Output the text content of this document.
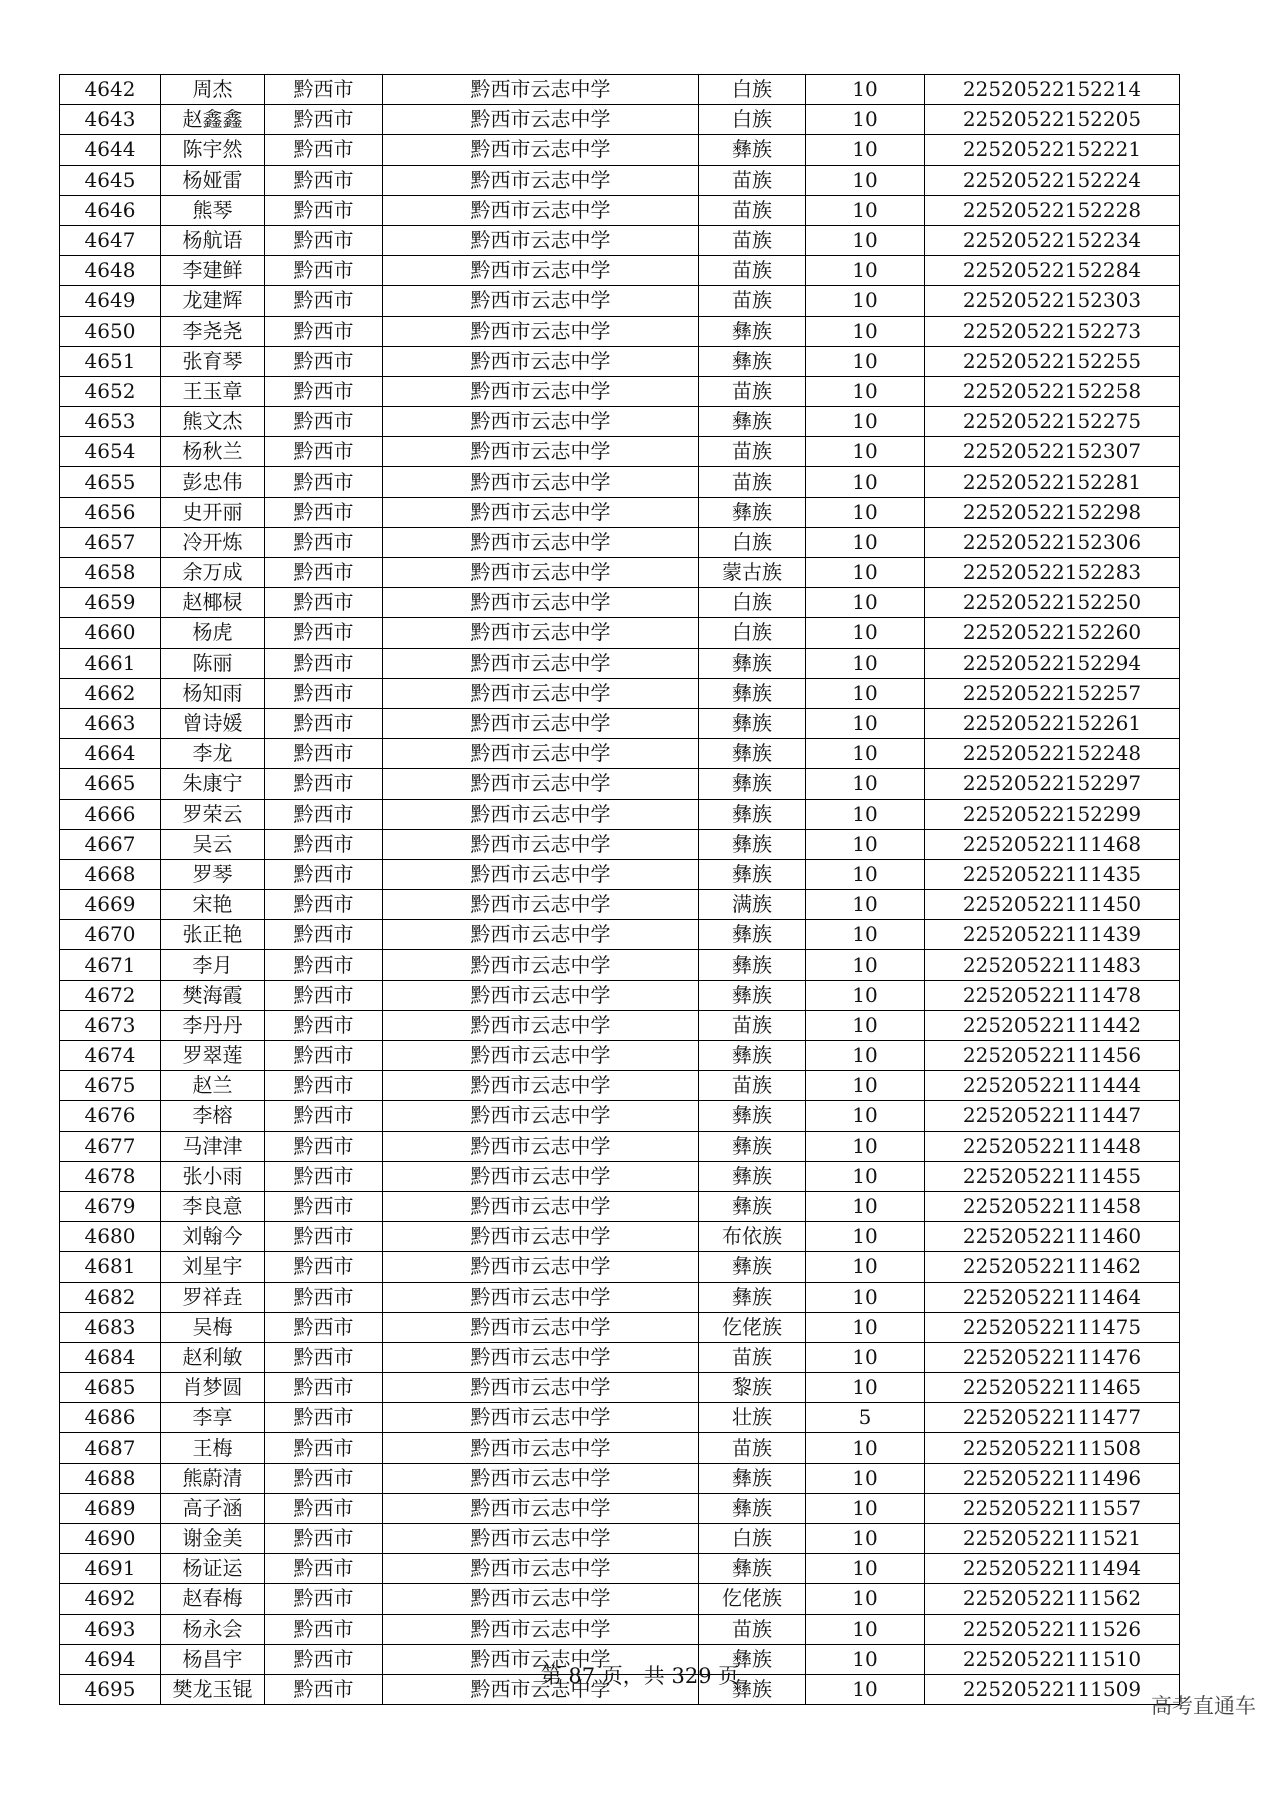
4642	周杰	黔西市	黔西市云志中学	白族	10	22520522152214
4643	赵鑫鑫	黔西市	黔西市云志中学	白族	10	22520522152205
4644	陈宇然	黔西市	黔西市云志中学	彝族	10	22520522152221
4645	杨娅雷	黔西市	黔西市云志中学	苗族	10	22520522152224
4646	熊琴	黔西市	黔西市云志中学	苗族	10	22520522152228
4647	杨航语	黔西市	黔西市云志中学	苗族	10	22520522152234
4648	李建鲜	黔西市	黔西市云志中学	苗族	10	22520522152284
4649	龙建辉	黔西市	黔西市云志中学	苗族	10	22520522152303
4650	李尧尧	黔西市	黔西市云志中学	彝族	10	22520522152273
4651	张育琴	黔西市	黔西市云志中学	彝族	10	22520522152255
4652	王玉章	黔西市	黔西市云志中学	苗族	10	22520522152258
4653	熊文杰	黔西市	黔西市云志中学	彝族	10	22520522152275
4654	杨秋兰	黔西市	黔西市云志中学	苗族	10	22520522152307
4655	彭忠伟	黔西市	黔西市云志中学	苗族	10	22520522152281
4656	史开丽	黔西市	黔西市云志中学	彝族	10	22520522152298
4657	冷开炼	黔西市	黔西市云志中学	白族	10	22520522152306
4658	余万成	黔西市	黔西市云志中学	蒙古族	10	22520522152283
4659	赵椰棂	黔西市	黔西市云志中学	白族	10	22520522152250
4660	杨虎	黔西市	黔西市云志中学	白族	10	22520522152260
4661	陈丽	黔西市	黔西市云志中学	彝族	10	22520522152294
4662	杨知雨	黔西市	黔西市云志中学	彝族	10	22520522152257
4663	曾诗媛	黔西市	黔西市云志中学	彝族	10	22520522152261
4664	李龙	黔西市	黔西市云志中学	彝族	10	22520522152248
4665	朱康宁	黔西市	黔西市云志中学	彝族	10	22520522152297
4666	罗荣云	黔西市	黔西市云志中学	彝族	10	22520522152299
4667	吴云	黔西市	黔西市云志中学	彝族	10	22520522111468
4668	罗琴	黔西市	黔西市云志中学	彝族	10	22520522111435
4669	宋艳	黔西市	黔西市云志中学	满族	10	22520522111450
4670	张正艳	黔西市	黔西市云志中学	彝族	10	22520522111439
4671	李月	黔西市	黔西市云志中学	彝族	10	22520522111483
4672	樊海霞	黔西市	黔西市云志中学	彝族	10	22520522111478
4673	李丹丹	黔西市	黔西市云志中学	苗族	10	22520522111442
4674	罗翠莲	黔西市	黔西市云志中学	彝族	10	22520522111456
4675	赵兰	黔西市	黔西市云志中学	苗族	10	22520522111444
4676	李榕	黔西市	黔西市云志中学	彝族	10	22520522111447
4677	马津津	黔西市	黔西市云志中学	彝族	10	22520522111448
4678	张小雨	黔西市	黔西市云志中学	彝族	10	22520522111455
4679	李良意	黔西市	黔西市云志中学	彝族	10	22520522111458
4680	刘翰今	黔西市	黔西市云志中学	布依族	10	22520522111460
4681	刘星宇	黔西市	黔西市云志中学	彝族	10	22520522111462
4682	罗祥垚	黔西市	黔西市云志中学	彝族	10	22520522111464
4683	吴梅	黔西市	黔西市云志中学	仡佬族	10	22520522111475
4684	赵利敏	黔西市	黔西市云志中学	苗族	10	22520522111476
4685	肖梦圆	黔西市	黔西市云志中学	黎族	10	22520522111465
4686	李享	黔西市	黔西市云志中学	壮族	5	22520522111477
4687	王梅	黔西市	黔西市云志中学	苗族	10	22520522111508
4688	熊蔚清	黔西市	黔西市云志中学	彝族	10	22520522111496
4689	高子涵	黔西市	黔西市云志中学	彝族	10	22520522111557
4690	谢金美	黔西市	黔西市云志中学	白族	10	22520522111521
4691	杨证运	黔西市	黔西市云志中学	彝族	10	22520522111494
4692	赵春梅	黔西市	黔西市云志中学	仡佬族	10	22520522111562
4693	杨永会	黔西市	黔西市云志中学	苗族	10	22520522111526
4694	杨昌宇	黔西市	黔西市云志中学	彝族	10	22520522111510
4695	樊龙玉锟	黔西市	黔西市云志中学	彝族	10	22520522111509
第 87 页，共 329 页
高考直通车
